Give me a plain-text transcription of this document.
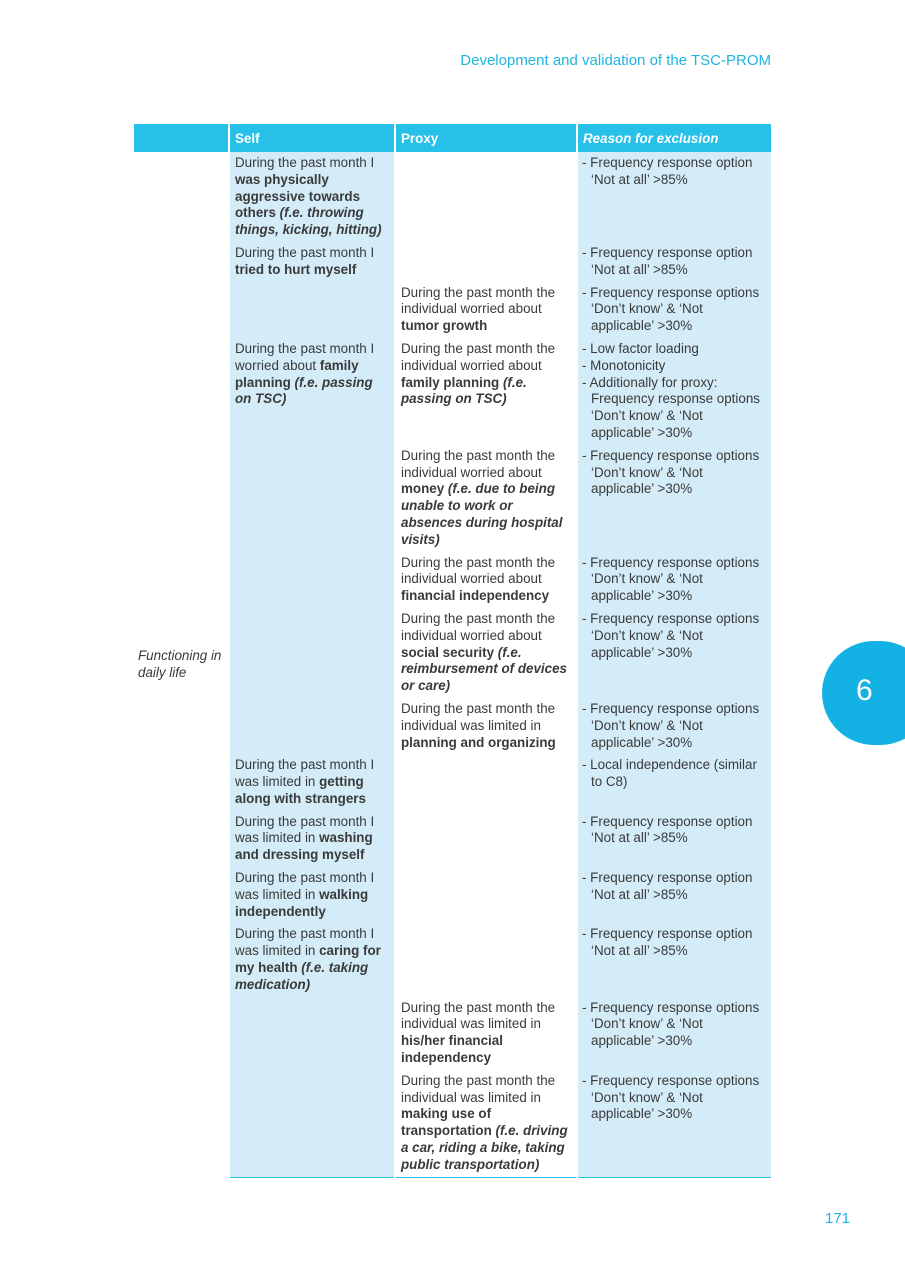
Development and validation of the TSC-PROM
	Self	Proxy	Reason for exclusion
Functioning in daily life	During the past month I was physically aggressive towards others (f.e. throwing things, kicking, hitting)		- Frequency response option ‘Not at all’ >85%

	During the past month I tried to hurt myself		- Frequency response option ‘Not at all’ >85%

		During the past month the individual worried about tumor growth	- Frequency response options ‘Don’t know’ & ‘Not applicable’ >30%

	During the past month I worried about family planning (f.e. passing on TSC)	During the past month the individual worried about family planning (f.e. passing on TSC)	- Low factor loading
- Monotonicity
- Additionally for proxy: Frequency response options ‘Don’t know’ & ‘Not applicable’ >30%

		During the past month the individual worried about money (f.e. due to being unable to work or absences during hospital visits)	- Frequency response options ‘Don’t know’ & ‘Not applicable’ >30%

		During the past month the individual worried about financial independency	- Frequency response options ‘Don’t know’ & ‘Not applicable’ >30%

		During the past month the individual worried about social security (f.e. reimbursement of devices or care)	- Frequency response options ‘Don’t know’ & ‘Not applicable’ >30%

		During the past month the individual was limited in planning and organizing	- Frequency response options ‘Don’t know’ & ‘Not applicable’ >30%

	During the past month I was limited in getting along with strangers		- Local independence (similar to C8)

	During the past month I was limited in washing and dressing myself		- Frequency response option ‘Not at all’ >85%

	During the past month I was limited in walking independently		- Frequency response option ‘Not at all’ >85%

	During the past month I was limited in caring for my health (f.e. taking medication)		- Frequency response option ‘Not at all’ >85%

		During the past month the individual was limited in his/her financial independency	- Frequency response options ‘Don’t know’ & ‘Not applicable’ >30%

		During the past month the individual was limited in making use of transportation (f.e. driving a car, riding a bike, taking public transportation)	- Frequency response options ‘Don’t know’ & ‘Not applicable’ >30%
6
171
